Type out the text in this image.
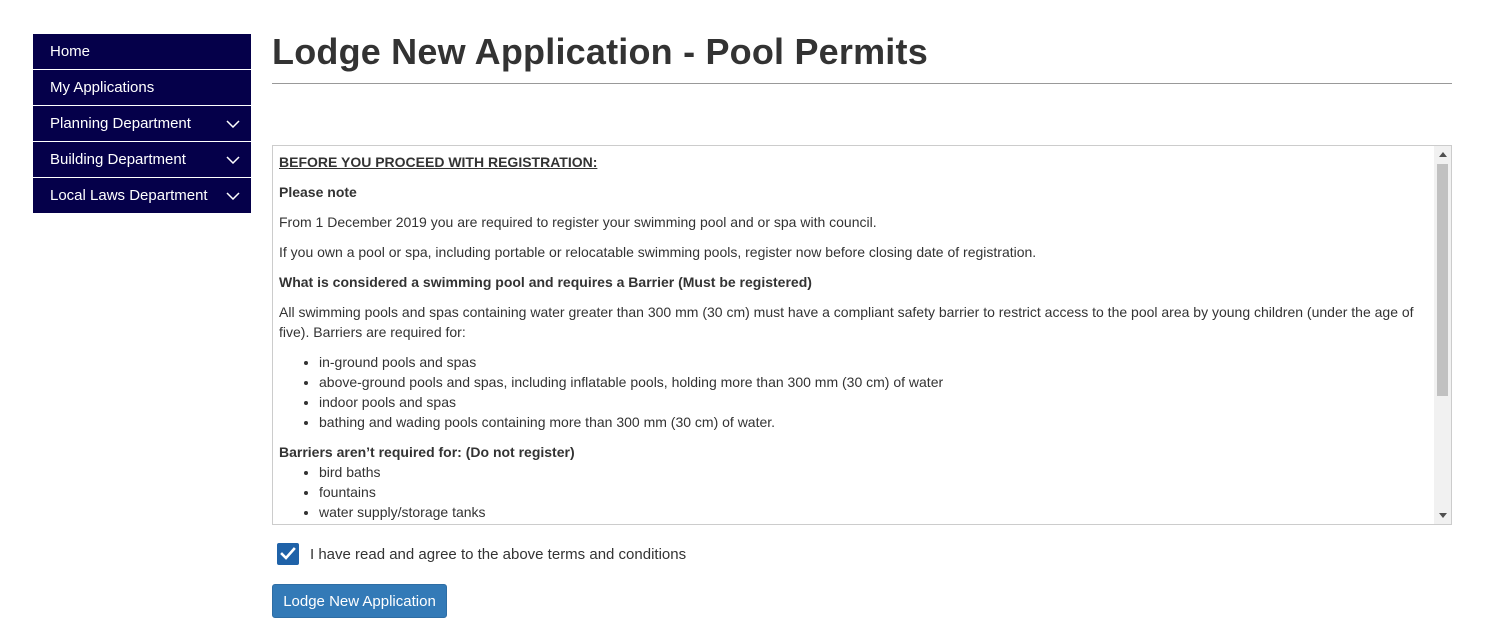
Home
My Applications
Planning Department
Building Department
Local Laws Department
Lodge New Application - Pool Permits

BEFORE YOU PROCEED WITH REGISTRATION:

Please note

From 1 December 2019 you are required to register your swimming pool and or spa with council.

If you own a pool or spa, including portable or relocatable swimming pools, register now before closing date of registration.

What is considered a swimming pool and requires a Barrier (Must be registered)

All swimming pools and spas containing water greater than 300 mm (30 cm) must have a compliant safety barrier to restrict access to the pool area by young children (under the age of five). Barriers are required for:

• in-ground pools and spas
• above-ground pools and spas, including inflatable pools, holding more than 300 mm (30 cm) of water
• indoor pools and spas
• bathing and wading pools containing more than 300 mm (30 cm) of water.

Barriers aren’t required for: (Do not register)

• bird baths
• fountains
• water supply/storage tanks
I have read and agree to the above terms and conditions
Lodge New Application
